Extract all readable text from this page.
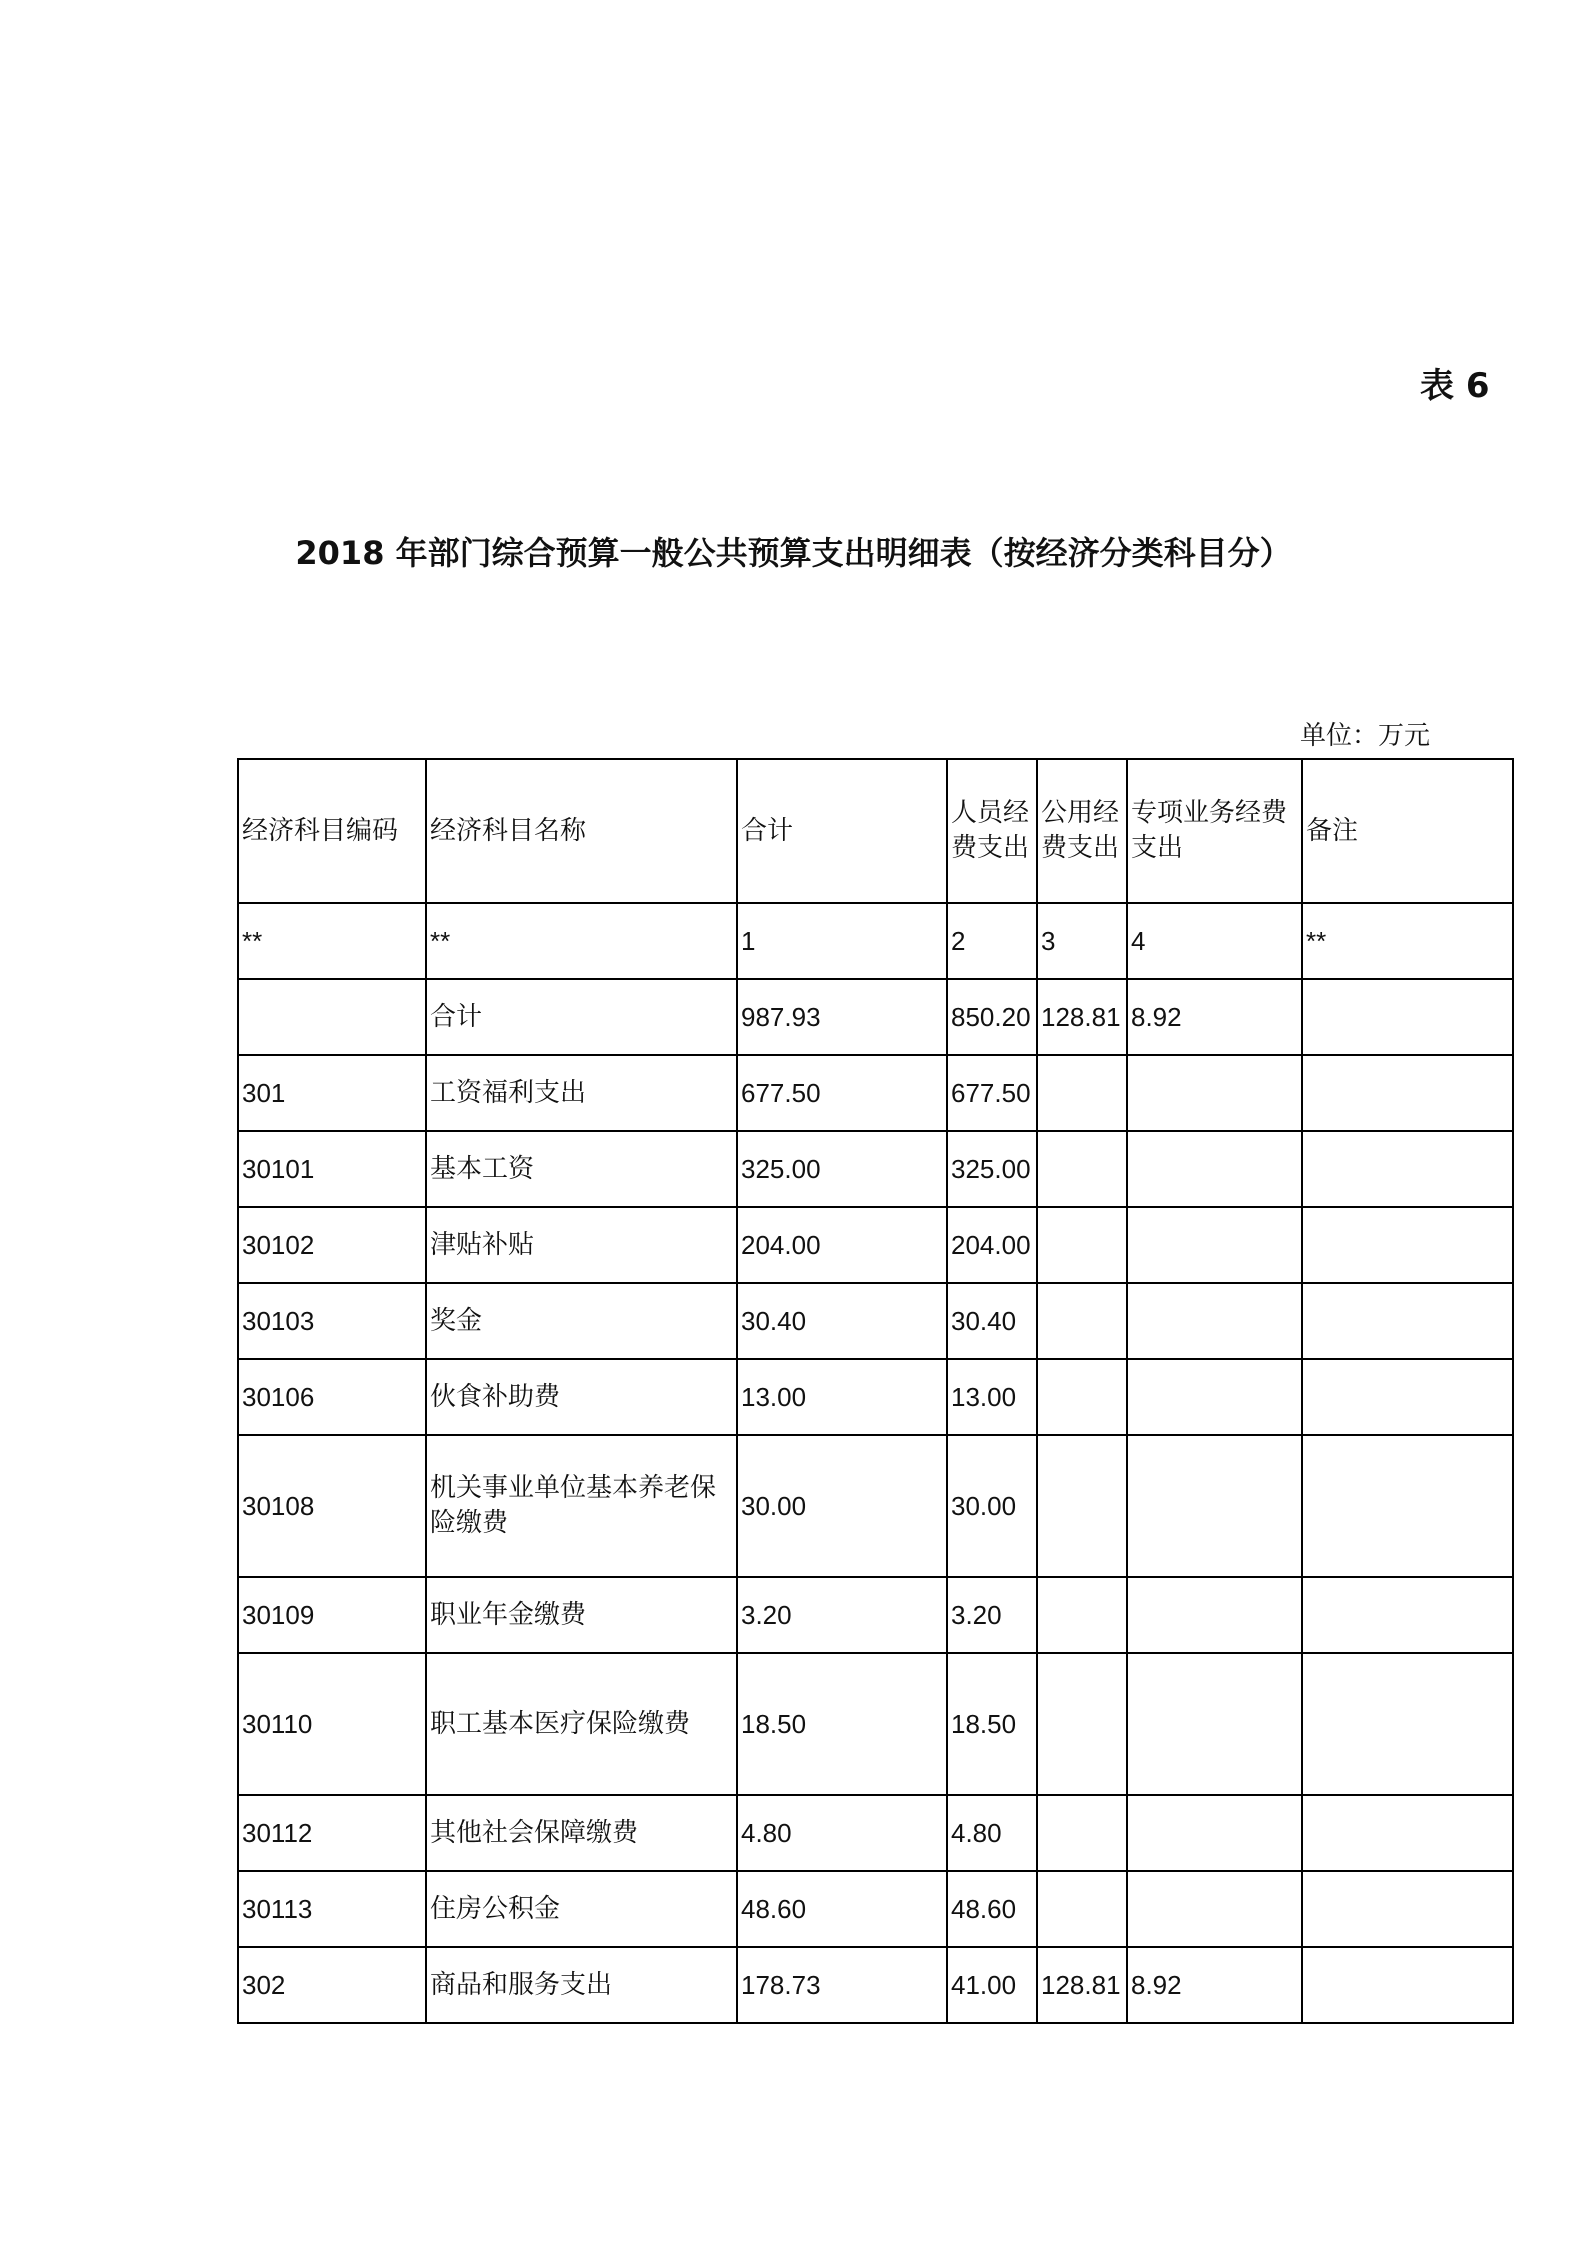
表 6
2018 年部门综合预算一般公共预算支出明细表（按经济分类科目分）
单位：万元
经济科目编码	经济科目名称	合计	人员经费支出	公用经费支出	专项业务经费支出	备注
**	**	1	2	3	4	**
	合计	987.93	850.20	128.81	8.92	
301	工资福利支出	677.50	677.50			
30101	基本工资	325.00	325.00			
30102	津贴补贴	204.00	204.00			
30103	奖金	30.40	30.40			
30106	伙食补助费	13.00	13.00			
30108	机关事业单位基本养老保险缴费	30.00	30.00			
30109	职业年金缴费	3.20	3.20			
30110	职工基本医疗保险缴费	18.50	18.50			
30112	其他社会保障缴费	4.80	4.80			
30113	住房公积金	48.60	48.60			
302	商品和服务支出	178.73	41.00	128.81	8.92	
